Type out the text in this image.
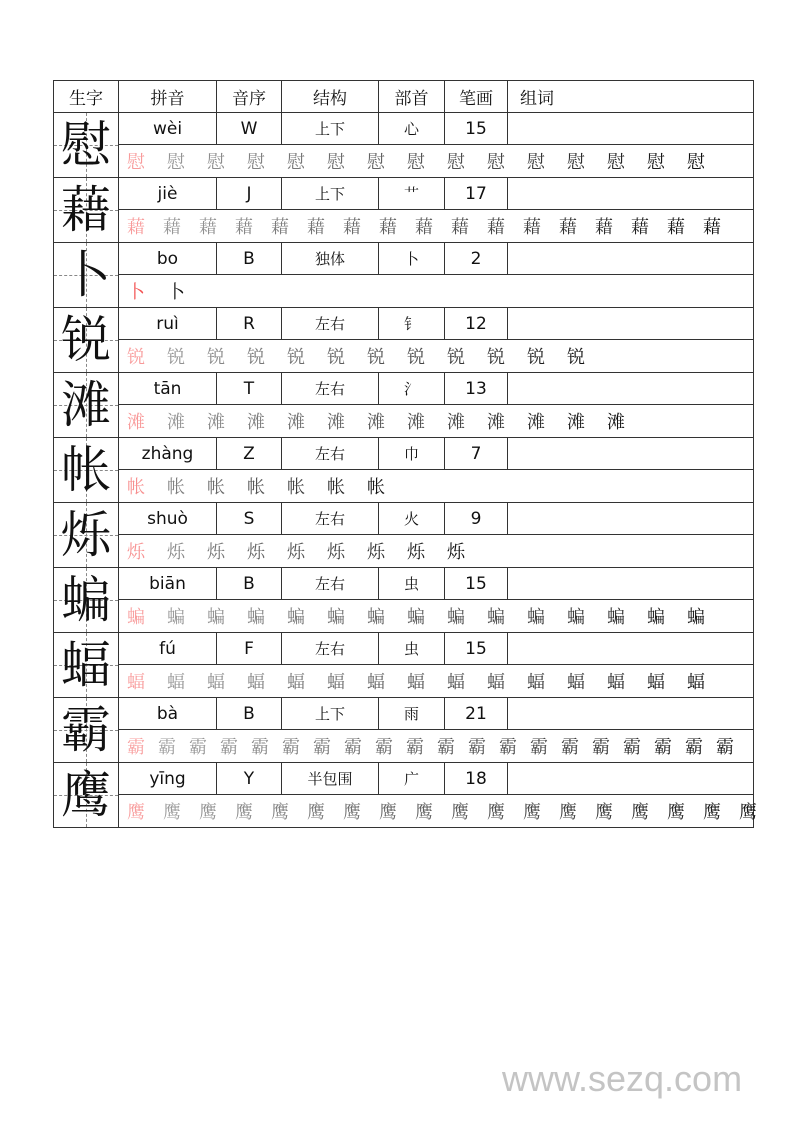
生字	拼音	音序	结构	部首	笔画	组词

慰	wèi	W	上下	心	15	
	慰 慰 慰 慰 慰 慰 慰 慰 慰 慰 慰 慰 慰 慰 慰					

藉	jiè	J	上下	艹	17	
	藉 藉 藉 藉 藉 藉 藉 藉 藉 藉 藉 藉 藉 藉 藉 藉 藉					

卜	bo	B	独体	卜	2	
	卜 卜					

锐	ruì	R	左右	钅	12	
	锐 锐 锐 锐 锐 锐 锐 锐 锐 锐 锐 锐					

滩	tān	T	左右	氵	13	
	滩 滩 滩 滩 滩 滩 滩 滩 滩 滩 滩 滩 滩					

帐	zhàng	Z	左右	巾	7	
	帐 帐 帐 帐 帐 帐 帐					

烁	shuò	S	左右	火	9	
	烁 烁 烁 烁 烁 烁 烁 烁 烁					

蝙	biān	B	左右	虫	15	
	蝙 蝙 蝙 蝙 蝙 蝙 蝙 蝙 蝙 蝙 蝙 蝙 蝙 蝙 蝙					

蝠	fú	F	左右	虫	15	
	蝠 蝠 蝠 蝠 蝠 蝠 蝠 蝠 蝠 蝠 蝠 蝠 蝠 蝠 蝠					

霸	bà	B	上下	雨	21	
	霸 霸 霸 霸 霸 霸 霸 霸 霸 霸 霸 霸 霸 霸 霸 霸 霸 霸 霸 霸					

鹰	yīng	Y	半包围	广	18	
	鹰 鹰 鹰 鹰 鹰 鹰 鹰 鹰 鹰 鹰 鹰 鹰 鹰 鹰 鹰 鹰 鹰 鹰					
www.sezq.com
